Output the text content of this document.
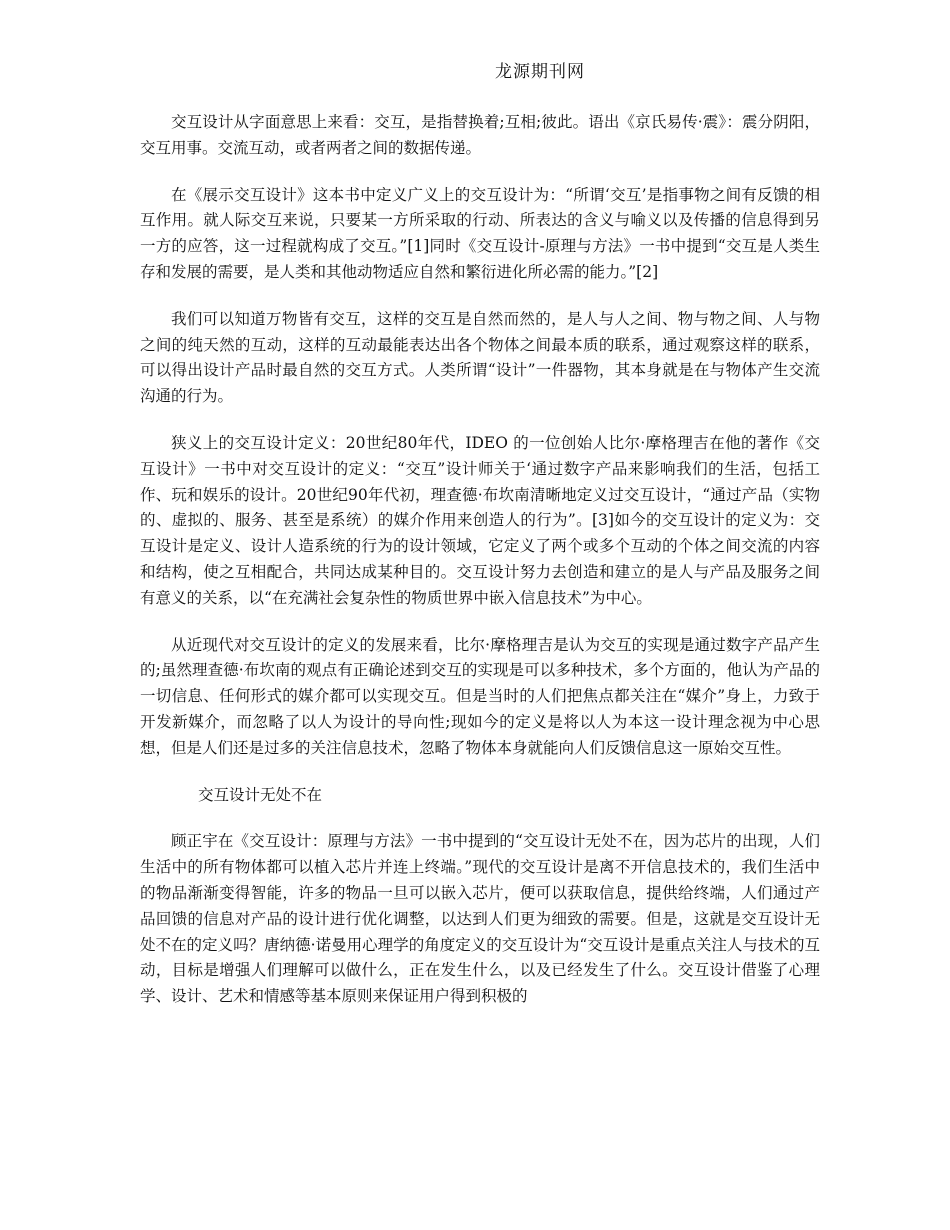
龙源期刊网

交互设计从字面意思上来看：交互，是指替换着;互相;彼此。语出《京氏易传·震》：震分阴阳，交互用事。交流互动，或者两者之间的数据传递。

在《展示交互设计》这本书中定义广义上的交互设计为：“所谓‘交互’是指事物之间有反馈的相互作用。就人际交互来说，只要某一方所采取的行动、所表达的含义与喻义以及传播的信息得到另一方的应答，这一过程就构成了交互。”[1]同时《交互设计-原理与方法》一书中提到“交互是人类生存和发展的需要，是人类和其他动物适应自然和繁衍进化所必需的能力。”[2]

我们可以知道万物皆有交互，这样的交互是自然而然的，是人与人之间、物与物之间、人与物之间的纯天然的互动，这样的互动最能表达出各个物体之间最本质的联系，通过观察这样的联系，可以得出设计产品时最自然的交互方式。人类所谓“设计”一件器物，其本身就是在与物体产生交流沟通的行为。

狭义上的交互设计定义：20世纪80年代，IDEO 的一位创始人比尔·摩格理吉在他的著作《交互设计》一书中对交互设计的定义：“交互”设计师关于‘通过数字产品来影响我们的生活，包括工作、玩和娱乐的设计。20世纪90年代初，理查德·布坎南清晰地定义过交互设计，“通过产品（实物的、虚拟的、服务、甚至是系统）的媒介作用来创造人的行为”。[3]如今的交互设计的定义为：交互设计是定义、设计人造系统的行为的设计领域，它定义了两个或多个互动的个体之间交流的内容和结构，使之互相配合，共同达成某种目的。交互设计努力去创造和建立的是人与产品及服务之间有意义的关系，以“在充满社会复杂性的物质世界中嵌入信息技术”为中心。

从近现代对交互设计的定义的发展来看，比尔·摩格理吉是认为交互的实现是通过数字产品产生的;虽然理查德·布坎南的观点有正确论述到交互的实现是可以多种技术，多个方面的，他认为产品的一切信息、任何形式的媒介都可以实现交互。但是当时的人们把焦点都关注在“媒介”身上，力致于开发新媒介，而忽略了以人为设计的导向性;现如今的定义是将以人为本这一设计理念视为中心思想，但是人们还是过多的关注信息技术，忽略了物体本身就能向人们反馈信息这一原始交互性。

交互设计无处不在

顾正宇在《交互设计：原理与方法》一书中提到的“交互设计无处不在，因为芯片的出现，人们生活中的所有物体都可以植入芯片并连上终端。”现代的交互设计是离不开信息技术的，我们生活中的物品渐渐变得智能，许多的物品一旦可以嵌入芯片，便可以获取信息，提供给终端，人们通过产品回馈的信息对产品的设计进行优化调整，以达到人们更为细致的需要。但是，这就是交互设计无处不在的定义吗？唐纳德·诺曼用心理学的角度定义的交互设计为“交互设计是重点关注人与技术的互动，目标是增强人们理解可以做什么，正在发生什么，以及已经发生了什么。交互设计借鉴了心理学、设计、艺术和情感等基本原则来保证用户得到积极的
